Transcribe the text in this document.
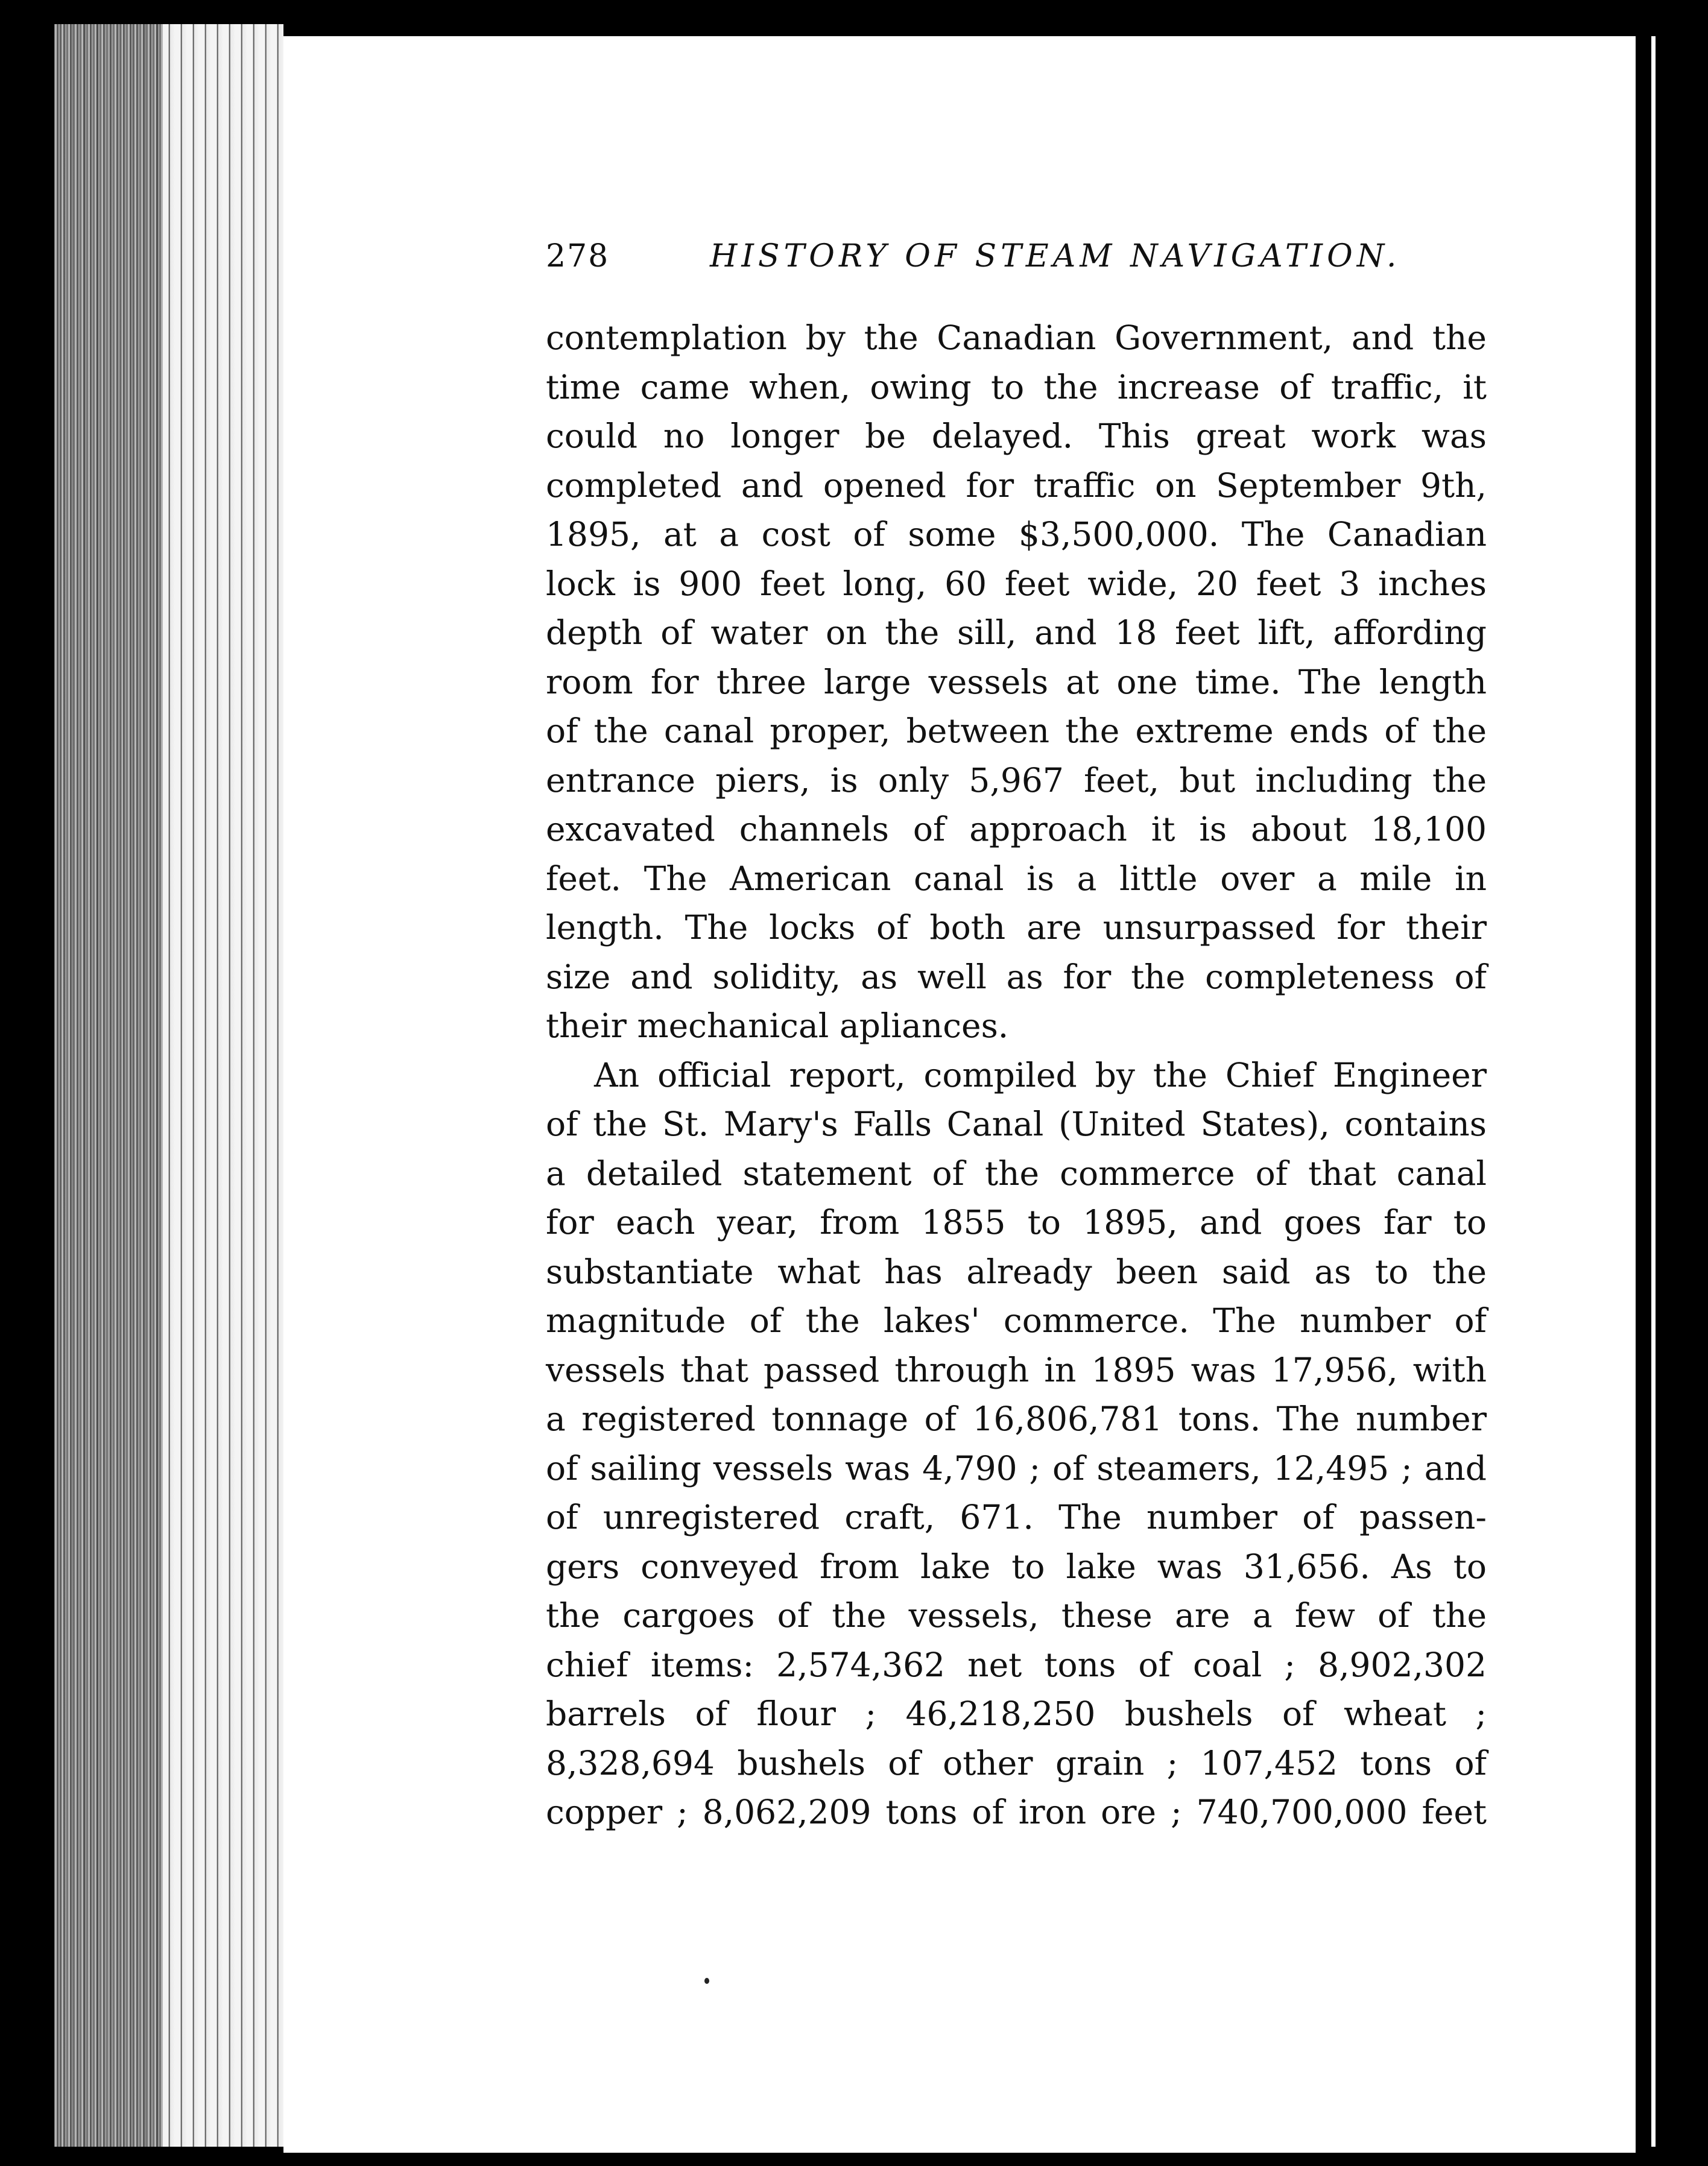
278	HISTORY OF STEAM NAVIGATION.
contemplation by the Canadian Government, and the
time came when, owing to the increase of traffic, it
could no longer be delayed. This great work was
completed and opened for traffic on September 9th,
1895, at a cost of some $3,500,000. The Canadian
lock is 900 feet long, 60 feet wide, 20 feet 3 inches
depth of water on the sill, and 18 feet lift, affording
room for three large vessels at one time. The length
of the canal proper, between the extreme ends of the
entrance piers, is only 5,967 feet, but including the
excavated channels of approach it is about 18,100
feet. The American canal is a little over a mile in
length. The locks of both are unsurpassed for their
size and solidity, as well as for the completeness of
their mechanical apliances.
An official report, compiled by the Chief Engineer
of the St. Mary's Falls Canal (United States), contains
a detailed statement of the commerce of that canal
for each year, from 1855 to 1895, and goes far to
substantiate what has already been said as to the
magnitude of the lakes' commerce. The number of
vessels that passed through in 1895 was 17,956, with
a registered tonnage of 16,806,781 tons. The number
of sailing vessels was 4,790 ; of steamers, 12,495 ; and
of unregistered craft, 671. The number of passen-
gers conveyed from lake to lake was 31,656. As to
the cargoes of the vessels, these are a few of the
chief items: 2,574,362 net tons of coal ; 8,902,302
barrels of flour ; 46,218,250 bushels of wheat ;
8,328,694 bushels of other grain ; 107,452 tons of
copper ; 8,062,209 tons of iron ore ; 740,700,000 feet
